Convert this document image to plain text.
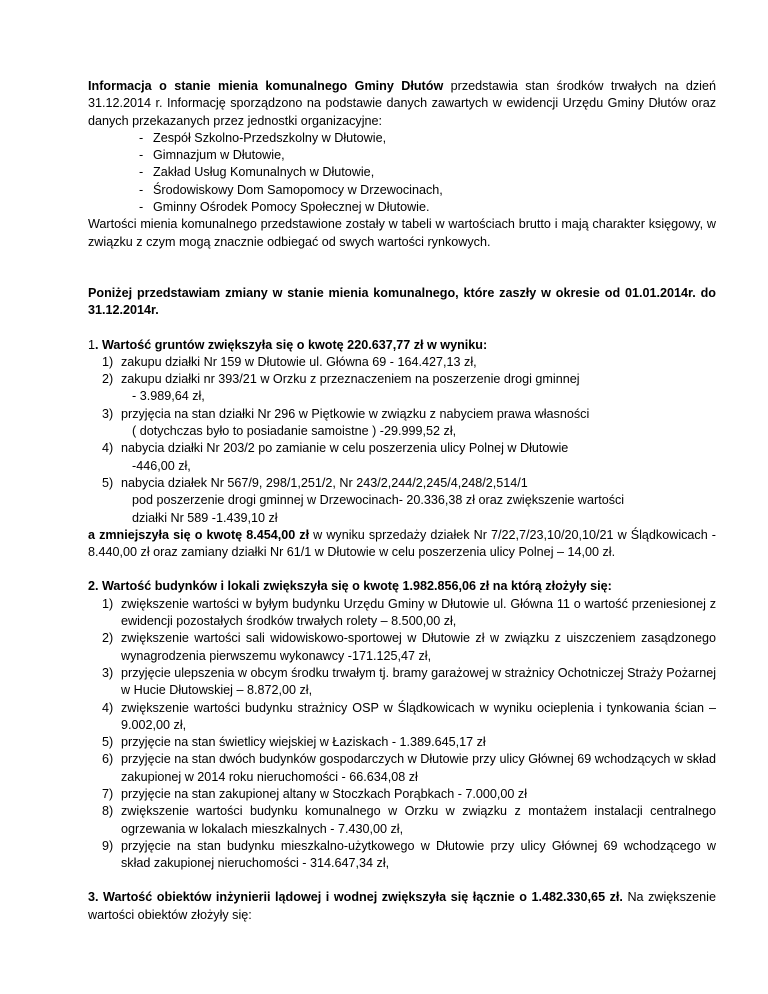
Informacja o stanie mienia komunalnego Gminy Dłutów przedstawia stan środków trwałych na dzień 31.12.2014 r. Informację sporządzono na podstawie danych zawartych w ewidencji Urzędu Gminy Dłutów oraz danych przekazanych przez jednostki organizacyjne:

- Zespół Szkolno-Przedszkolny w Dłutowie,
- Gimnazjum w Dłutowie,
- Zakład Usług Komunalnych w Dłutowie,
- Środowiskowy Dom Samopomocy w Drzewocinach,
- Gminny Ośrodek Pomocy Społecznej w Dłutowie.

Wartości mienia komunalnego przedstawione zostały w tabeli w wartościach brutto i mają charakter księgowy, w związku z czym mogą znacznie odbiegać od swych wartości rynkowych.

Poniżej przedstawiam zmiany w stanie mienia komunalnego, które zaszły w okresie od 01.01.2014r. do 31.12.2014r.

1. Wartość gruntów zwiększyła się o kwotę 220.637,77 zł w wyniku:

1) zakupu działki Nr 159 w Dłutowie ul. Główna 69 - 164.427,13 zł,
2) zakupu działki nr 393/21 w Orzku z przeznaczeniem na poszerzenie drogi gminnej
- 3.989,64 zł,
3) przyjęcia na stan działki Nr 296 w Piętkowie w związku z nabyciem prawa własności
( dotychczas było to posiadanie samoistne ) -29.999,52 zł,
4) nabycia działki Nr 203/2 po zamianie w celu poszerzenia ulicy Polnej w Dłutowie
-446,00 zł,
5) nabycia działek Nr 567/9, 298/1,251/2, Nr 243/2,244/2,245/4,248/2,514/1
pod poszerzenie drogi gminnej w Drzewocinach- 20.336,38 zł oraz zwiększenie wartości
działki Nr 589 -1.439,10 zł

a zmniejszyła się o kwotę 8.454,00 zł w wyniku sprzedaży działek Nr 7/22,7/23,10/20,10/21 w Ślądkowicach - 8.440,00 zł oraz zamiany działki Nr 61/1 w Dłutowie w celu poszerzenia ulicy Polnej – 14,00 zł.

2. Wartość budynków i lokali zwiększyła się o kwotę 1.982.856,06 zł na którą złożyły się:

1) zwiększenie wartości w byłym budynku Urzędu Gminy w Dłutowie ul. Główna 11 o wartość przeniesionej z ewidencji pozostałych środków trwałych rolety – 8.500,00 zł,
2) zwiększenie wartości sali widowiskowo-sportowej w Dłutowie zł w związku z uiszczeniem zasądzonego wynagrodzenia pierwszemu wykonawcy -171.125,47 zł,
3) przyjęcie ulepszenia w obcym środku trwałym tj. bramy garażowej w strażnicy Ochotniczej Straży Pożarnej w Hucie Dłutowskiej – 8.872,00 zł,
4) zwiększenie wartości budynku strażnicy OSP w Ślądkowicach w wyniku ocieplenia i tynkowania ścian – 9.002,00 zł,
5) przyjęcie na stan świetlicy wiejskiej w Łaziskach - 1.389.645,17 zł
6) przyjęcie na stan dwóch budynków gospodarczych w Dłutowie przy ulicy Głównej 69 wchodzących w skład zakupionej w 2014 roku nieruchomości - 66.634,08 zł
7) przyjęcie na stan zakupionej altany w Stoczkach Porąbkach - 7.000,00 zł
8) zwiększenie wartości budynku komunalnego w Orzku w związku z montażem instalacji centralnego ogrzewania w lokalach mieszkalnych - 7.430,00 zł,
9) przyjęcie na stan budynku mieszkalno-użytkowego w Dłutowie przy ulicy Głównej 69 wchodzącego w skład zakupionej nieruchomości - 314.647,34 zł,

3. Wartość obiektów inżynierii lądowej i wodnej zwiększyła się łącznie o 1.482.330,65 zł. Na zwiększenie wartości obiektów złożyły się:
